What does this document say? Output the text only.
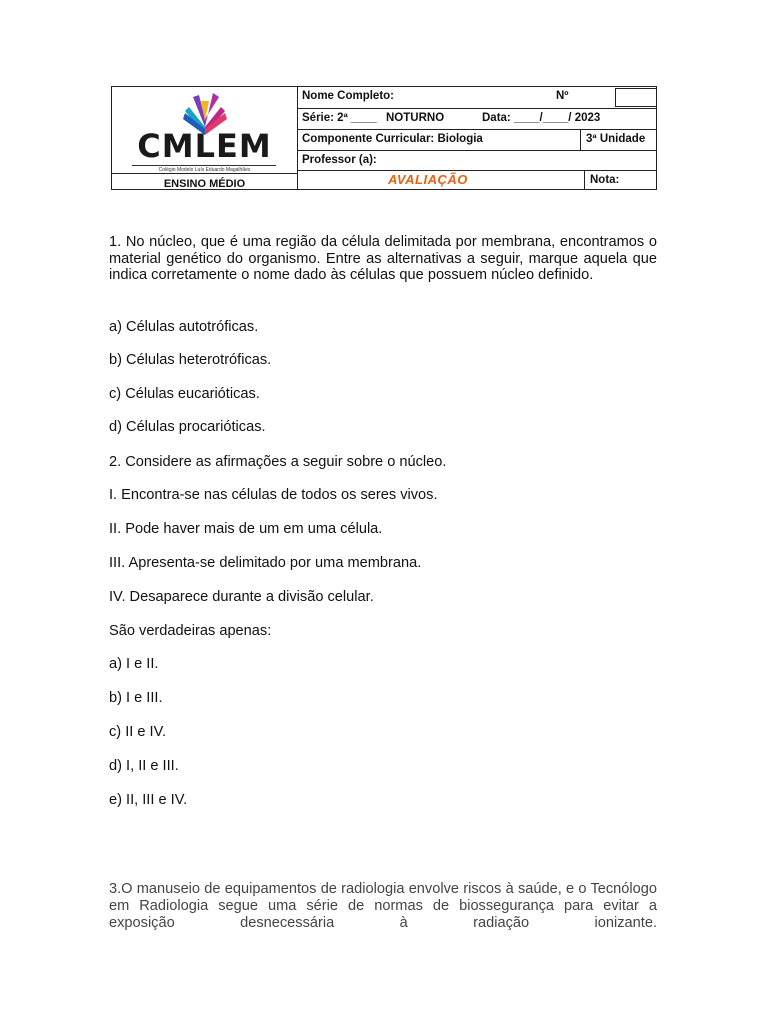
CMLEM
Colégio Modelo Luís Eduardo Magalhães
ENSINO MÉDIO
Nome Completo:	Nº
Série: 2ª ____ NOTURNO	Data: ____/____/ 2023
Componente Curricular: Biologia	3ª Unidade
Professor (a):
AVALIAÇÃO	Nota:

1. No núcleo, que é uma região da célula delimitada por membrana, encontramos o material genético do organismo. Entre as alternativas a seguir, marque aquela que indica corretamente o nome dado às células que possuem núcleo definido.

a) Células autotróficas.
b) Células heterotróficas.
c) Células eucarióticas.
d) Células procarióticas.
2. Considere as afirmações a seguir sobre o núcleo.
I. Encontra-se nas células de todos os seres vivos.
II. Pode haver mais de um em uma célula.
III. Apresenta-se delimitado por uma membrana.
IV. Desaparece durante a divisão celular.
São verdadeiras apenas:
a) I e II.
b) I e III.
c) II e IV.
d) I, II e III.
e) II, III e IV.
3.O manuseio de equipamentos de radiologia envolve riscos à saúde, e o Tecnólogo em Radiologia segue uma série de normas de biossegurança para evitar a exposição desnecessária à radiação ionizante.
